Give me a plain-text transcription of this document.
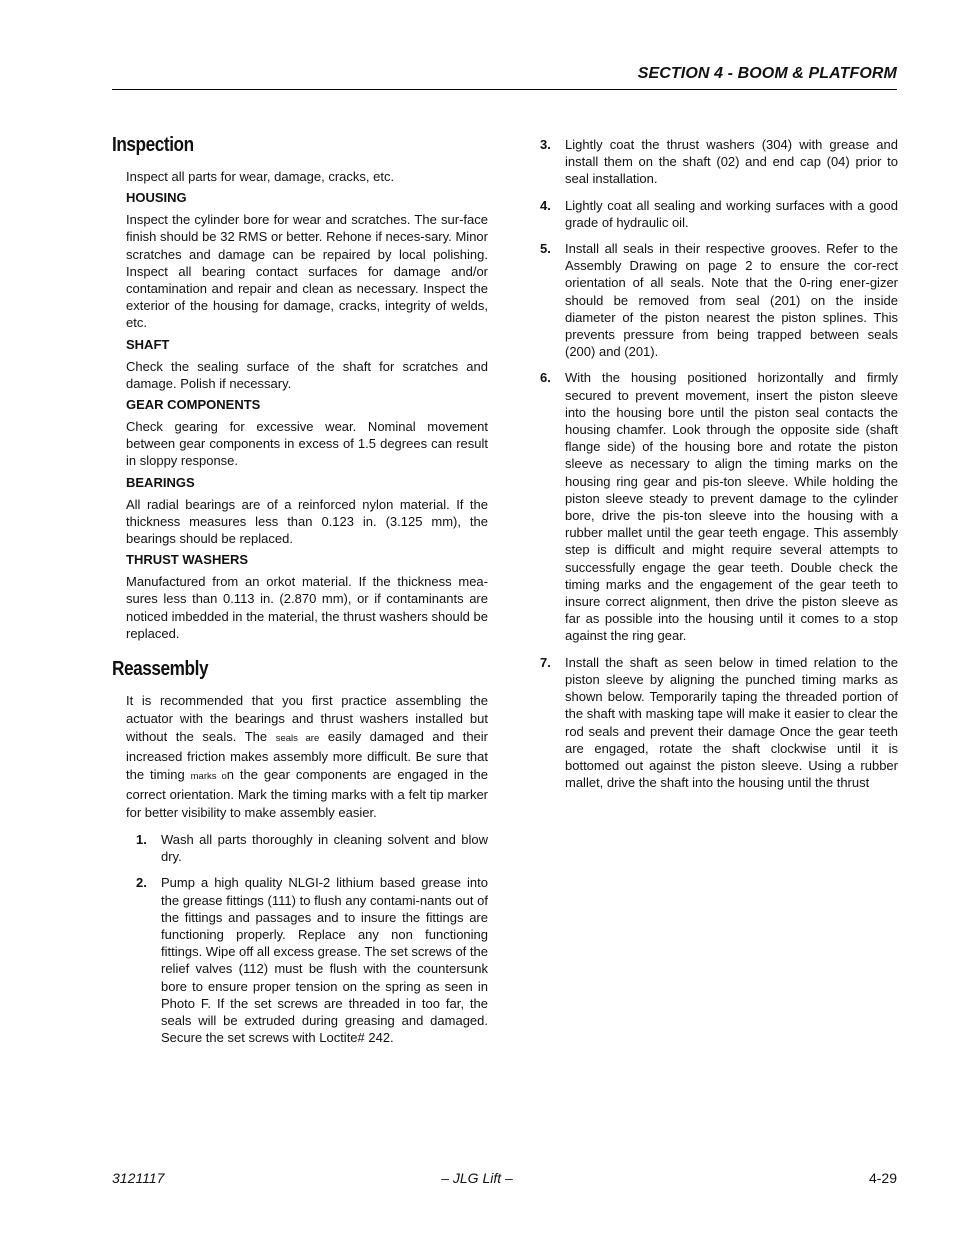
SECTION 4 - BOOM & PLATFORM
Inspection

Inspect all parts for wear, damage, cracks, etc.

HOUSING

Inspect the cylinder bore for wear and scratches. The sur-face finish should be 32 RMS or better. Rehone if neces-sary. Minor scratches and damage can be repaired by local polishing. Inspect all bearing contact surfaces for damage and/or contamination and repair and clean as necessary. Inspect the exterior of the housing for damage, cracks, integrity of welds, etc.

SHAFT

Check the sealing surface of the shaft for scratches and damage. Polish if necessary.

GEAR COMPONENTS

Check gearing for excessive wear. Nominal movement between gear components in excess of 1.5 degrees can result in sloppy response.

BEARINGS

All radial bearings are of a reinforced nylon material. If the thickness measures less than 0.123 in. (3.125 mm), the bearings should be replaced.

THRUST WASHERS

Manufactured from an orkot material. If the thickness mea-sures less than 0.113 in. (2.870 mm), or if contaminants are noticed imbedded in the material, the thrust washers should be replaced.

Reassembly

It is recommended that you first practice assembling the actuator with the bearings and thrust washers installed but without the seals. The seals are easily damaged and their increased friction makes assembly more difficult. Be sure that the timing marks on the gear components are engaged in the correct orientation. Mark the timing marks with a felt tip marker for better visibility to make assembly easier.

1.	Wash all parts thoroughly in cleaning solvent and blow dry.
2.	Pump a high quality NLGI-2 lithium based grease into the grease fittings (111) to flush any contami-nants out of the fittings and passages and to insure the fittings are functioning properly. Replace any non functioning fittings. Wipe off all excess grease. The set screws of the relief valves (112) must be flush with the countersunk bore to ensure proper tension on the spring as seen in Photo F. If the set screws are threaded in too far, the seals will be extruded during greasing and damaged. Secure the set screws with Loctite# 242.
3.	Lightly coat the thrust washers (304) with grease and install them on the shaft (02) and end cap (04) prior to seal installation.
4.	Lightly coat all sealing and working surfaces with a good grade of hydraulic oil.
5.	Install all seals in their respective grooves. Refer to the Assembly Drawing on page 2 to ensure the cor-rect orientation of all seals. Note that the 0-ring ener-gizer should be removed from seal (201) on the inside diameter of the piston nearest the piston splines. This prevents pressure from being trapped between seals (200) and (201).
6.	With the housing positioned horizontally and firmly secured to prevent movement, insert the piston sleeve into the housing bore until the piston seal contacts the housing chamfer. Look through the opposite side (shaft flange side) of the housing bore and rotate the piston sleeve as necessary to align the timing marks on the housing ring gear and pis-ton sleeve. While holding the piston sleeve steady to prevent damage to the cylinder bore, drive the pis-ton sleeve into the housing with a rubber mallet until the gear teeth engage. This assembly step is difficult and might require several attempts to successfully engage the gear teeth. Double check the timing marks and the engagement of the gear teeth to insure correct alignment, then drive the piston sleeve as far as possible into the housing until it comes to a stop against the ring gear.
7.	Install the shaft as seen below in timed relation to the piston sleeve by aligning the punched timing marks as shown below. Temporarily taping the threaded portion of the shaft with masking tape will make it easier to clear the rod seals and prevent their damage Once the gear teeth are engaged, rotate the shaft clockwise until it is bottomed out against the piston sleeve. Using a rubber mallet, drive the shaft into the housing until the thrust
3121117	– JLG Lift –	4-29
